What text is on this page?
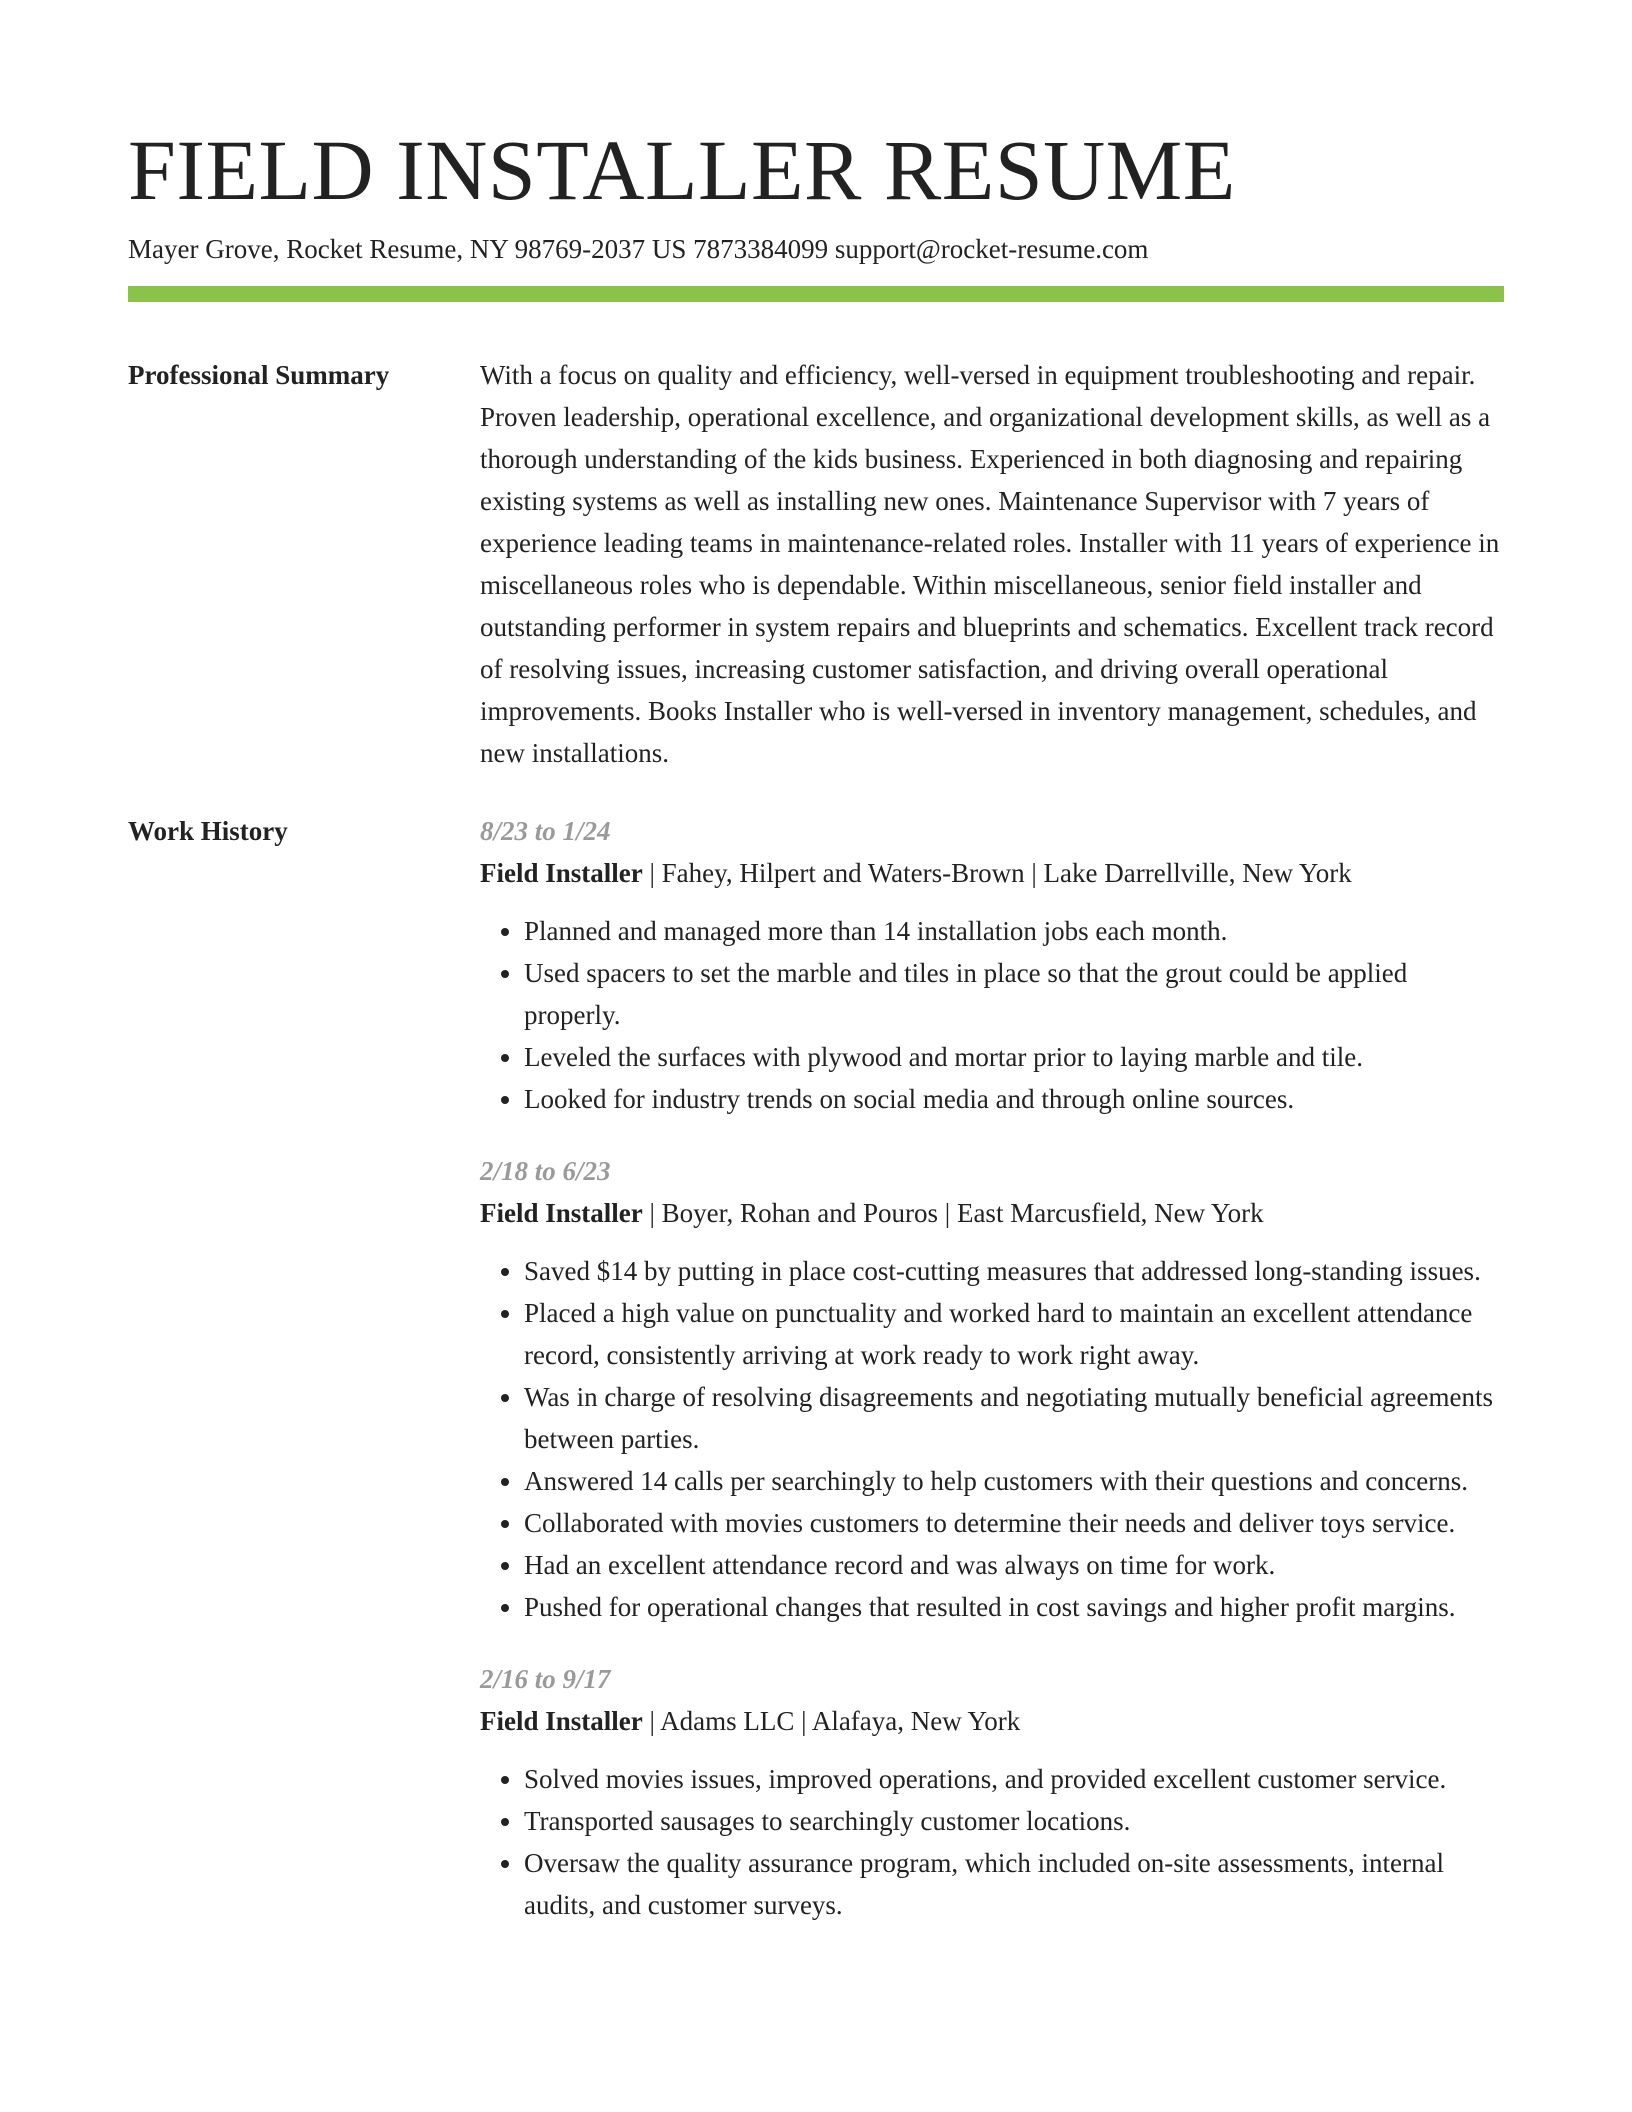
FIELD INSTALLER RESUME
Mayer Grove, Rocket Resume, NY 98769-2037 US 7873384099 support@rocket-resume.com
Professional Summary	With a focus on quality and efficiency, well-versed in equipment troubleshooting and repair. Proven leadership, operational excellence, and organizational development skills, as well as a thorough understanding of the kids business. Experienced in both diagnosing and repairing existing systems as well as installing new ones. Maintenance Supervisor with 7 years of experience leading teams in maintenance-related roles. Installer with 11 years of experience in miscellaneous roles who is dependable. Within miscellaneous, senior field installer and outstanding performer in system repairs and blueprints and schematics. Excellent track record of resolving issues, increasing customer satisfaction, and driving overall operational improvements. Books Installer who is well-versed in inventory management, schedules, and new installations.

Work History	8/23 to 1/24
Field Installer | Fahey, Hilpert and Waters-Brown | Lake Darrellville, New York
• Planned and managed more than 14 installation jobs each month.
• Used spacers to set the marble and tiles in place so that the grout could be applied properly.
• Leveled the surfaces with plywood and mortar prior to laying marble and tile.
• Looked for industry trends on social media and through online sources.
2/18 to 6/23
Field Installer | Boyer, Rohan and Pouros | East Marcusfield, New York
• Saved $14 by putting in place cost-cutting measures that addressed long-standing issues.
• Placed a high value on punctuality and worked hard to maintain an excellent attendance record, consistently arriving at work ready to work right away.
• Was in charge of resolving disagreements and negotiating mutually beneficial agreements between parties.
• Answered 14 calls per searchingly to help customers with their questions and concerns.
• Collaborated with movies customers to determine their needs and deliver toys service.
• Had an excellent attendance record and was always on time for work.
• Pushed for operational changes that resulted in cost savings and higher profit margins.
2/16 to 9/17
Field Installer | Adams LLC | Alafaya, New York
• Solved movies issues, improved operations, and provided excellent customer service.
• Transported sausages to searchingly customer locations.
• Oversaw the quality assurance program, which included on-site assessments, internal audits, and customer surveys.
